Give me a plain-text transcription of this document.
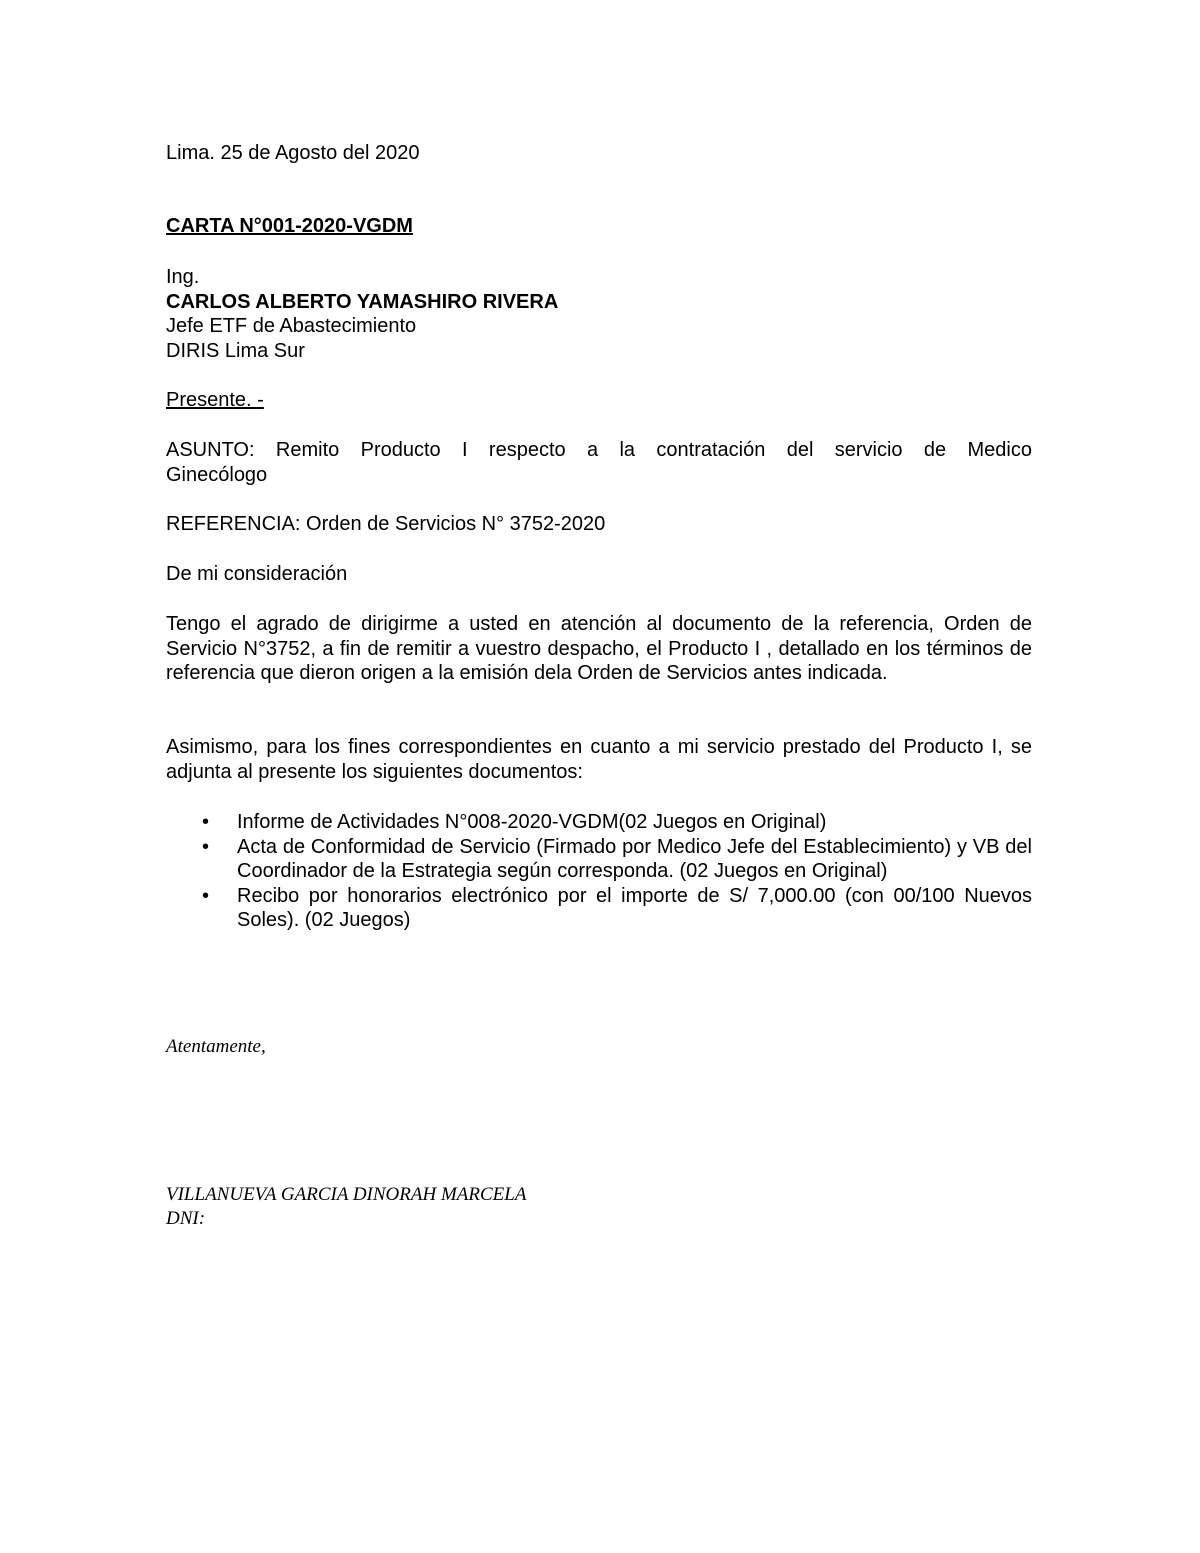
Lima. 25 de Agosto del 2020
CARTA N°001-2020-VGDM
Ing.
CARLOS ALBERTO YAMASHIRO RIVERA
Jefe ETF de Abastecimiento
DIRIS Lima Sur
Presente. -
ASUNTO: Remito Producto I respecto a la contratación del servicio de Medico
Ginecólogo
REFERENCIA: Orden de Servicios N° 3752-2020
De mi consideración
Tengo el agrado de dirigirme a usted en atención al documento de la referencia, Orden de Servicio N°3752, a fin de remitir a vuestro despacho, el Producto I , detallado en los términos de referencia que dieron origen a la emisión dela Orden de Servicios antes indicada.
Asimismo, para los fines correspondientes en cuanto a mi servicio prestado del Producto I, se adjunta al presente los siguientes documentos:
• Informe de Actividades N°008-2020-VGDM(02 Juegos en Original)
• Acta de Conformidad de Servicio (Firmado por Medico Jefe del Establecimiento) y VB del Coordinador de la Estrategia según corresponda. (02 Juegos en Original)
• Recibo por honorarios electrónico por el importe de S/ 7,000.00 (con 00/100 Nuevos Soles). (02 Juegos)
Atentamente,
VILLANUEVA GARCIA DINORAH MARCELA
DNI:
